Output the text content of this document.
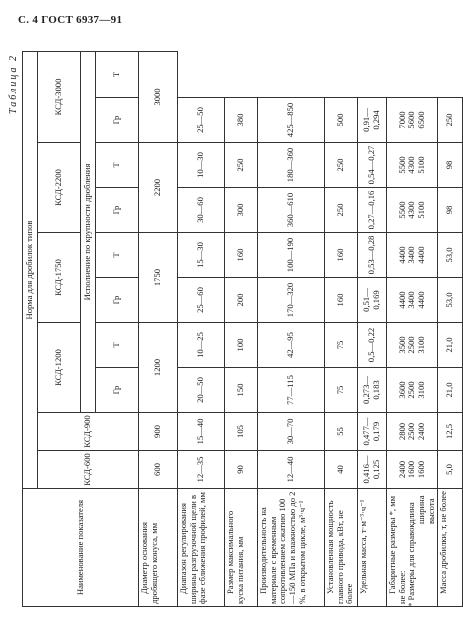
С. 4 ГОСТ 6937—91
Таблица 2
Наименование показателя	Норма для дробилок типов									
	КСД-600	КСД-900	КСД-1200		КСД-1750		КСД-2200		КСД-3000	
			Исполнение по крупности дробления							
			Гр	Т	Гр	Т	Гр	Т	Гр	Т
Диаметр основания дробящего конуса, мм	600	900	1200		1750		2200		3000	
Диапазон регулирования ширины разгрузочной щели в фазе сближения профилей, мм	12—35	15—40	20—50	10—25	25—60	15—30	30—60	10—30	25—50	
Размер максимального куска питания, мм	90	105	150	100	200	160	300	250	380	
Производительность на материале с временным сопротивлением сжатию 100—150 МПа и влажностью до 2 %, в открытом цикле, м³·ч⁻¹	12—40	30—70	77—115	42—95	170—320	100—190	360—610	180—360	425—850	
Установленная мощность главного привода, кВт, не более	40	55	75	75	160	160	250	250	500	
Удельная масса, т·м⁻³·ч⁻¹	0,416—0,125	0,477—0,179	0,273—0,183	0,5—0,22	0,51—0,169	0,53—0,28	0,27—0,16	0,54—0,27	0,91—0,294	
Габаритные размеры *, мм не более:
длина
ширина
высота	2400 1600 1600	2800 2500 2400	3600 2500 3100	3500 2500 3100	4400 3400 4400	4400 3400 4400	5500 4300 5100	5500 4300 5100	7000 5600 6500	

Масса дробилки, т, не более	5,0	12,5	21,0	21,0	53,0	53,0	98	98	250	
* Размеры для справок.
